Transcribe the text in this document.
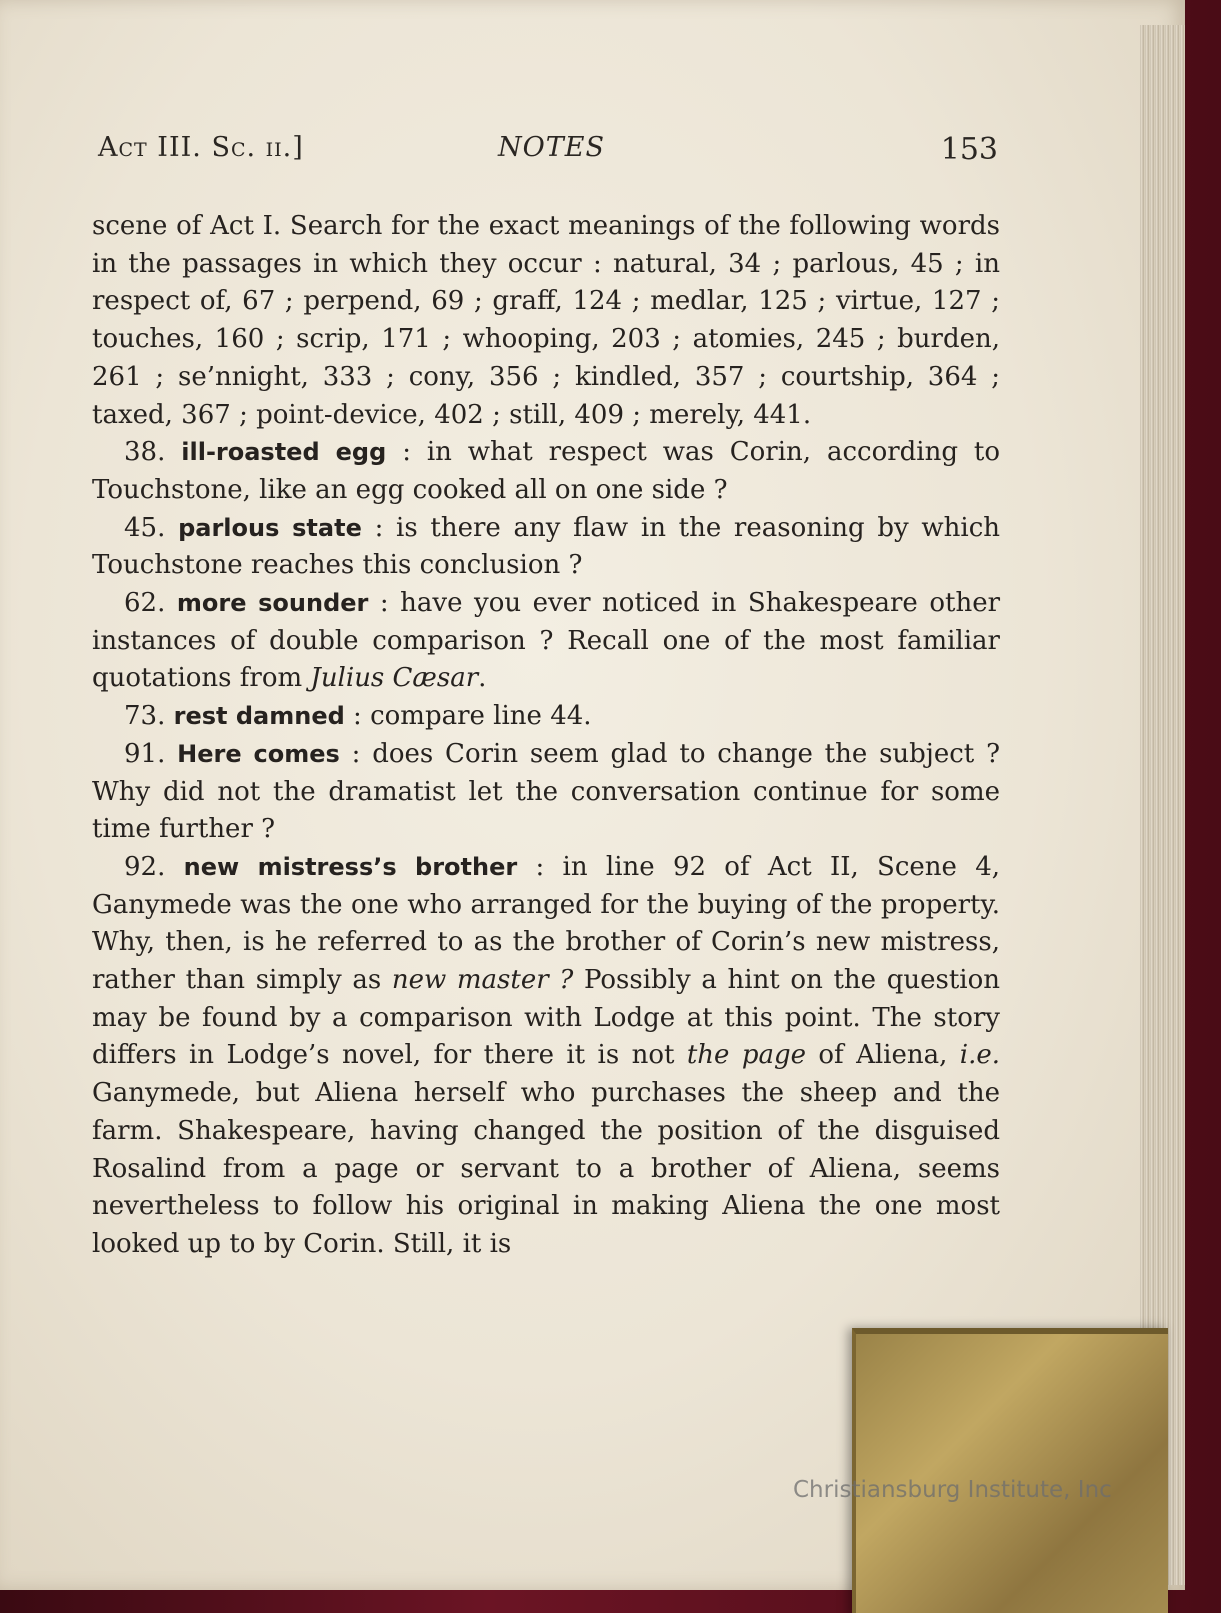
Act III. Sc. ii.]	NOTES	153

scene of Act I. Search for the exact meanings of the following words in the passages in which they occur : natural, 34 ; parlous, 45 ; in respect of, 67 ; perpend, 69 ; graff, 124 ; medlar, 125 ; virtue, 127 ; touches, 160 ; scrip, 171 ; whooping, 203 ; atomies, 245 ; burden, 261 ; se’nnight, 333 ; cony, 356 ; kindled, 357 ; courtship, 364 ; taxed, 367 ; point-device, 402 ; still, 409 ; merely, 441.

38. ill-roasted egg : in what respect was Corin, according to Touchstone, like an egg cooked all on one side ?

45. parlous state : is there any flaw in the reasoning by which Touchstone reaches this conclusion ?

62. more sounder : have you ever noticed in Shakespeare other instances of double comparison ? Recall one of the most familiar quotations from Julius Cæsar.

73. rest damned : compare line 44.

91. Here comes : does Corin seem glad to change the subject ? Why did not the dramatist let the conversation continue for some time further ?

92. new mistress’s brother : in line 92 of Act II, Scene 4, Ganymede was the one who arranged for the buying of the property. Why, then, is he referred to as the brother of Corin’s new mistress, rather than simply as new master ? Possibly a hint on the question may be found by a comparison with Lodge at this point. The story differs in Lodge’s novel, for there it is not the page of Aliena, i.e. Ganymede, but Aliena herself who purchases the sheep and the farm. Shakespeare, having changed the position of the disguised Rosalind from a page or servant to a brother of Aliena, seems nevertheless to follow his original in making Aliena the one most looked up to by Corin. Still, it is

Christiansburg Institute, Inc
